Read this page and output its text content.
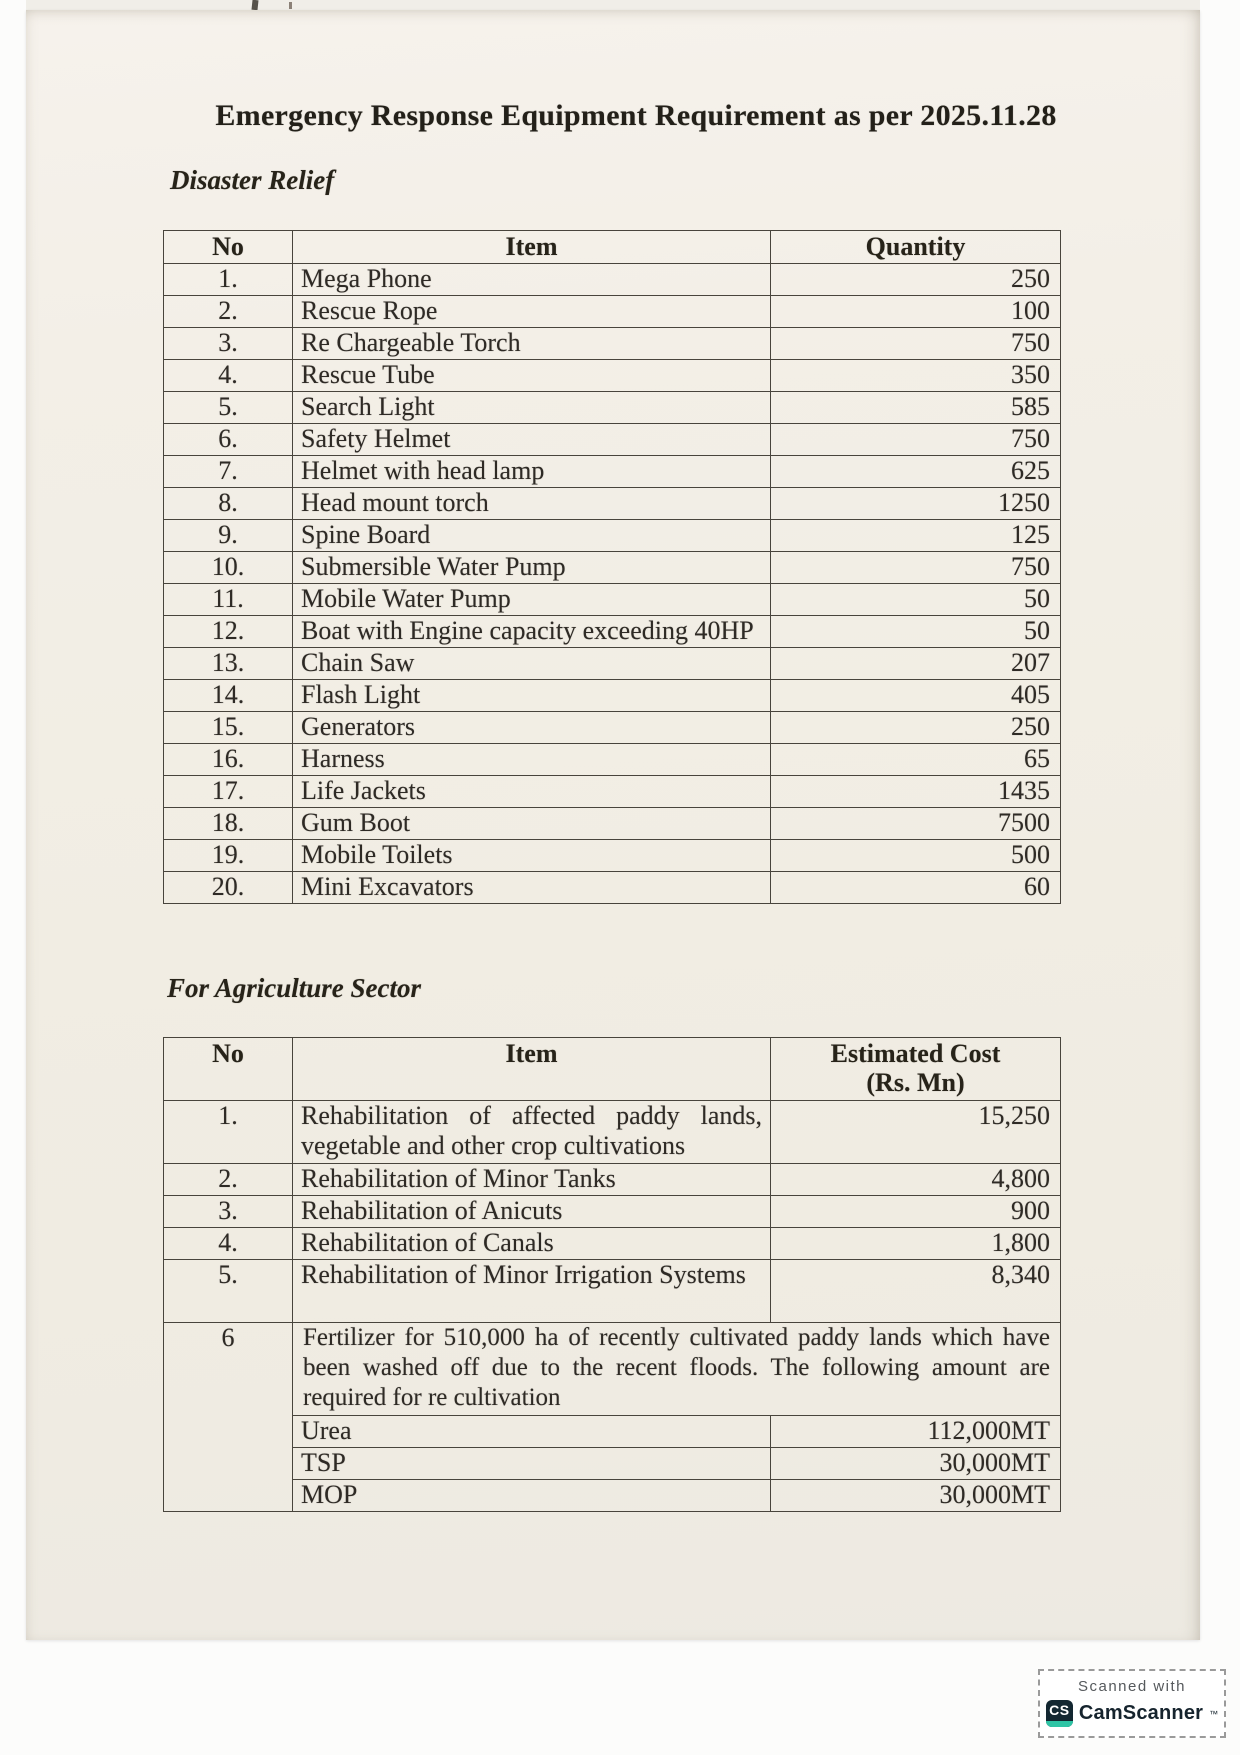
Emergency Response Equipment Requirement as per 2025.11.28
Disaster Relief
No	Item	Quantity
1.	Mega Phone	250
2.	Rescue Rope	100
3.	Re Chargeable Torch	750
4.	Rescue Tube	350
5.	Search Light	585
6.	Safety Helmet	750
7.	Helmet with head lamp	625
8.	Head mount torch	1250
9.	Spine Board	125
10.	Submersible Water Pump	750
11.	Mobile Water Pump	50
12.	Boat with Engine capacity exceeding 40HP	50
13.	Chain Saw	207
14.	Flash Light	405
15.	Generators	250
16.	Harness	65
17.	Life Jackets	1435
18.	Gum Boot	7500
19.	Mobile Toilets	500
20.	Mini Excavators	60
For Agriculture Sector
No	Item	Estimated Cost
(Rs. Mn)

1.	Rehabilitation of affected paddy lands, vegetable and other crop cultivations	15,250
2.	Rehabilitation of Minor Tanks	4,800
3.	Rehabilitation of Anicuts	900
4.	Rehabilitation of Canals	1,800
5.	Rehabilitation of Minor Irrigation Systems	8,340
6	Fertilizer for 510,000 ha of recently cultivated paddy lands which have been washed off due to the recent floods. The following amount are required for re cultivation
Urea	112,000MT
TSP	30,000MT
MOP	30,000MT
Scanned with
CS CamScanner ™
